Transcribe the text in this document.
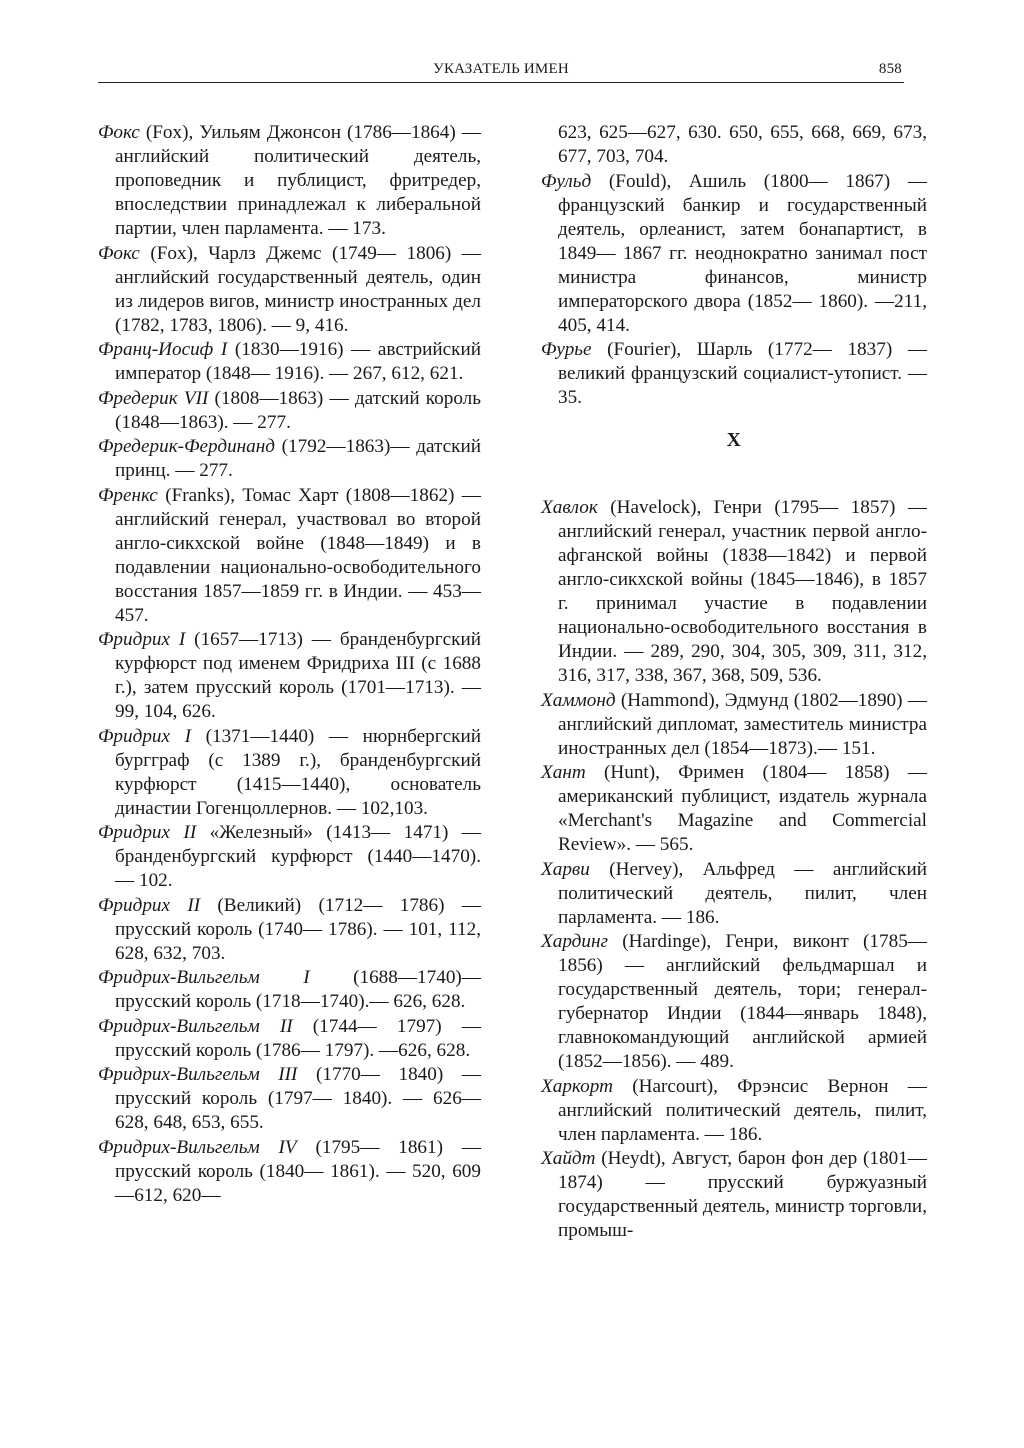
УКАЗАТЕЛЬ ИМЕН	858

Фокс (Fox), Уильям Джонсон (1786—1864) — английский политический деятель, проповедник и публицист, фритредер, впоследствии принадлежал к либеральной партии, член парламента. — 173.

Фокс (Fox), Чарлз Джемс (1749— 1806) — английский государственный деятель, один из лидеров вигов, министр иностранных дел (1782, 1783, 1806). — 9, 416.

Франц-Иосиф I (1830—1916) — австрийский император (1848— 1916). — 267, 612, 621.

Фредерик VII (1808—1863) — датский король (1848—1863). — 277.

Фредерик-Фердинанд (1792—1863)— датский принц. — 277.

Френкс (Franks), Томас Харт (1808—1862) — английский генерал, участвовал во второй англо-сикхской войне (1848—1849) и в подавлении национально-освободительного восстания 1857—1859 гг. в Индии. — 453—457.

Фридрих I (1657—1713) — бранденбургский курфюрст под именем Фридриха III (с 1688 г.), затем прусский король (1701—1713). — 99, 104, 626.

Фридрих I (1371—1440) — нюрнбергский бургграф (с 1389 г.), бранденбургский курфюрст (1415—1440), основатель династии Гогенцоллернов. — 102,103.

Фридрих II «Железный» (1413— 1471) — бранденбургский курфюрст (1440—1470). — 102.

Фридрих II (Великий) (1712— 1786) — прусский король (1740— 1786). — 101, 112, 628, 632, 703.

Фридрих-Вильгельм I (1688—1740)— прусский король (1718—1740).— 626, 628.

Фридрих-Вильгельм II (1744— 1797) — прусский король (1786— 1797). —626, 628.

Фридрих-Вильгельм III (1770— 1840) — прусский король (1797— 1840). — 626—628, 648, 653, 655.

Фридрих-Вильгельм IV (1795— 1861) — прусский король (1840— 1861). — 520, 609—612, 620—

623, 625—627, 630. 650, 655, 668, 669, 673, 677, 703, 704.

Фульд (Fould), Ашиль (1800— 1867) — французский банкир и государственный деятель, орлеанист, затем бонапартист, в 1849— 1867 гг. неоднократно занимал пост министра финансов, министр императорского двора (1852— 1860). —211, 405, 414.

Фурье (Fourier), Шарль (1772— 1837) — великий французский социалист-утопист. — 35.

Х

Хавлок (Havelock), Генри (1795— 1857) — английский генерал, участник первой англо-афганской войны (1838—1842) и первой англо-сикхской войны (1845—1846), в 1857 г. принимал участие в подавлении национально-освободительного восстания в Индии. — 289, 290, 304, 305, 309, 311, 312, 316, 317, 338, 367, 368, 509, 536.

Хаммонд (Hammond), Эдмунд (1802—1890) — английский дипломат, заместитель министра иностранных дел (1854—1873).— 151.

Хант (Hunt), Фримен (1804— 1858) — американский публицист, издатель журнала «Merchant's Magazine and Commercial Review». — 565.

Харви (Hervey), Альфред — английский политический деятель, пилит, член парламента. — 186.

Хардинг (Hardinge), Генри, виконт (1785—1856) — английский фельдмаршал и государственный деятель, тори; генерал-губернатор Индии (1844—январь 1848), главнокомандующий английской армией (1852—1856). — 489.

Харкорт (Harcourt), Фрэнсис Вернон — английский политический деятель, пилит, член парламента. — 186.

Хайдт (Heydt), Август, барон фон дер (1801—1874) — прусский буржуазный государственный деятель, министр торговли, промыш-
